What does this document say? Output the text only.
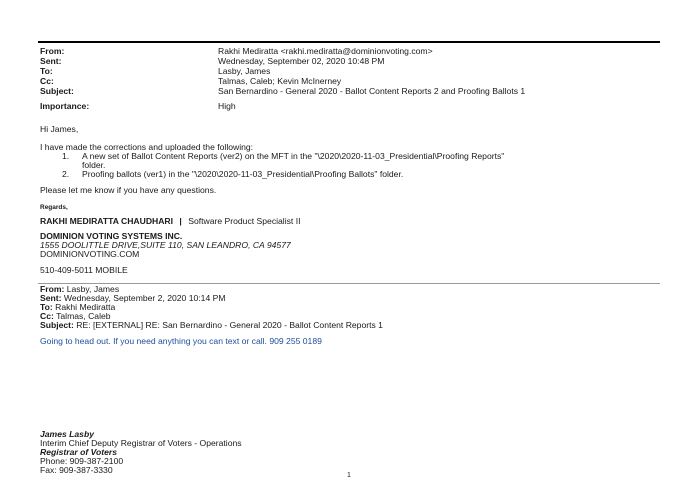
From:	Rakhi Mediratta <rakhi.mediratta@dominionvoting.com>
Sent:	Wednesday, September 02, 2020 10:48 PM
To:	Lasby, James
Cc:	Talmas, Caleb; Kevin McInerney
Subject:	San Bernardino - General 2020 - Ballot Content Reports 2 and Proofing Ballots 1
Importance:	High
Hi James,
I have made the corrections and uploaded the following:
1. A new set of Ballot Content Reports (ver2) on the MFT in the "\2020\2020-11-03_Presidential\Proofing Reports"
folder.
2. Proofing ballots (ver1) in the "\2020\2020-11-03_Presidential\Proofing Ballots" folder.
Please let me know if you have any questions.
Regards,
RAKHI MEDIRATTA CHAUDHARI | Software Product Specialist II
DOMINION VOTING SYSTEMS INC.
1555 DOOLITTLE DRIVE,SUITE 110, SAN LEANDRO, CA 94577
DOMINIONVOTING.COM
510-409-5011 MOBILE
From: Lasby, James
Sent: Wednesday, September 2, 2020 10:14 PM
To: Rakhi Mediratta
Cc: Talmas, Caleb
Subject: RE: [EXTERNAL] RE: San Bernardino - General 2020 - Ballot Content Reports 1
Going to head out. If you need anything you can text or call. 909 255 0189
James Lasby
Interim Chief Deputy Registrar of Voters - Operations
Registrar of Voters
Phone: 909-387-2100
Fax: 909-387-3330
1
